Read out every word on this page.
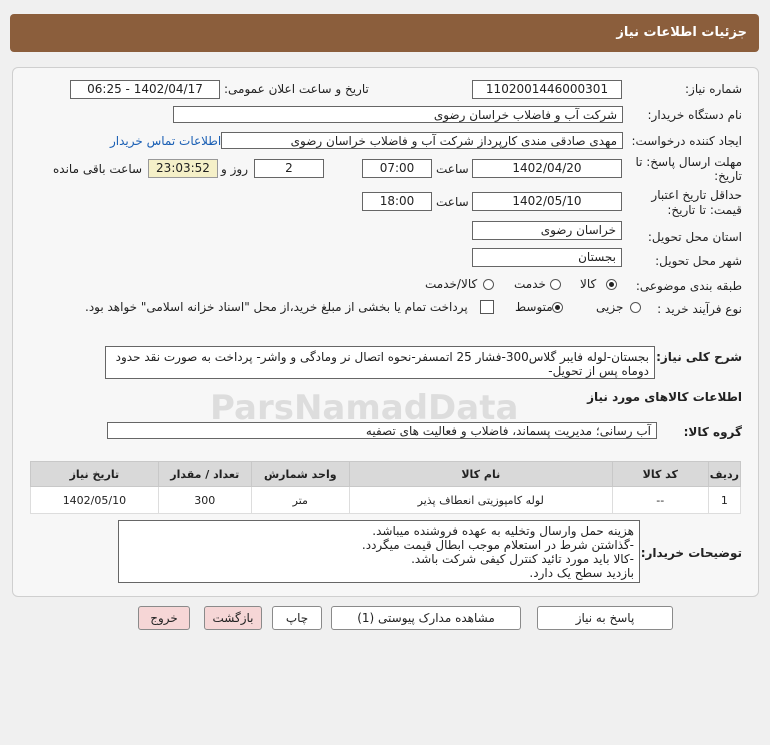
جزئیات اطلاعات نیاز
شماره نیاز:
1102001446000301
تاریخ و ساعت اعلان عمومی:
1402/04/17 - 06:25
نام دستگاه خریدار:
شرکت آب و فاضلاب خراسان رضوی
ایجاد کننده درخواست:
مهدی صادقی مندی کارپرداز شرکت آب و فاضلاب خراسان رضوی
اطلاعات تماس خریدار
مهلت ارسال پاسخ: تا
تاریخ:
1402/04/20
ساعت
07:00
2
روز و
23:03:52
ساعت باقی مانده
حداقل تاریخ اعتبار
قیمت: تا تاریخ:
1402/05/10
ساعت
18:00
استان محل تحویل:
خراسان رضوی
شهر محل تحویل:
بجستان
طبقه بندی موضوعی:
کالا
خدمت
کالا/خدمت
نوع فرآیند خرید :
جزیی
متوسط
پرداخت تمام یا بخشی از مبلغ خرید،از محل "اسناد خزانه اسلامی" خواهد بود.
شرح کلی نیاز:
بجستان-لوله فایبر گلاس300-فشار 25 اتمسفر-نحوه اتصال نر ومادگی و واشر- پرداخت به صورت نقد حدود دوماه پس از تحویل-
اطلاعات کالاهای مورد نیاز
گروه کالا:
آب رسانی؛ مدیریت پسماند، فاضلاب و فعالیت های تصفیه
ردیف	کد کالا	نام کالا	واحد شمارش	تعداد / مقدار	تاریخ نیاز
1	--	لوله کامپوزیتی انعطاف پذیر	متر	300	1402/05/10
توضیحات خریدار:
هزینه حمل وارسال وتخلیه به عهده فروشنده میباشد.
-گذاشتن شرط در استعلام موجب ابطال قیمت میگردد.
-کالا باید مورد تائید کنترل کیفی شرکت باشد.
بازدید سطح یک دارد.
پاسخ به نیاز
مشاهده مدارک پیوستی (1)
چاپ
بازگشت
خروج
